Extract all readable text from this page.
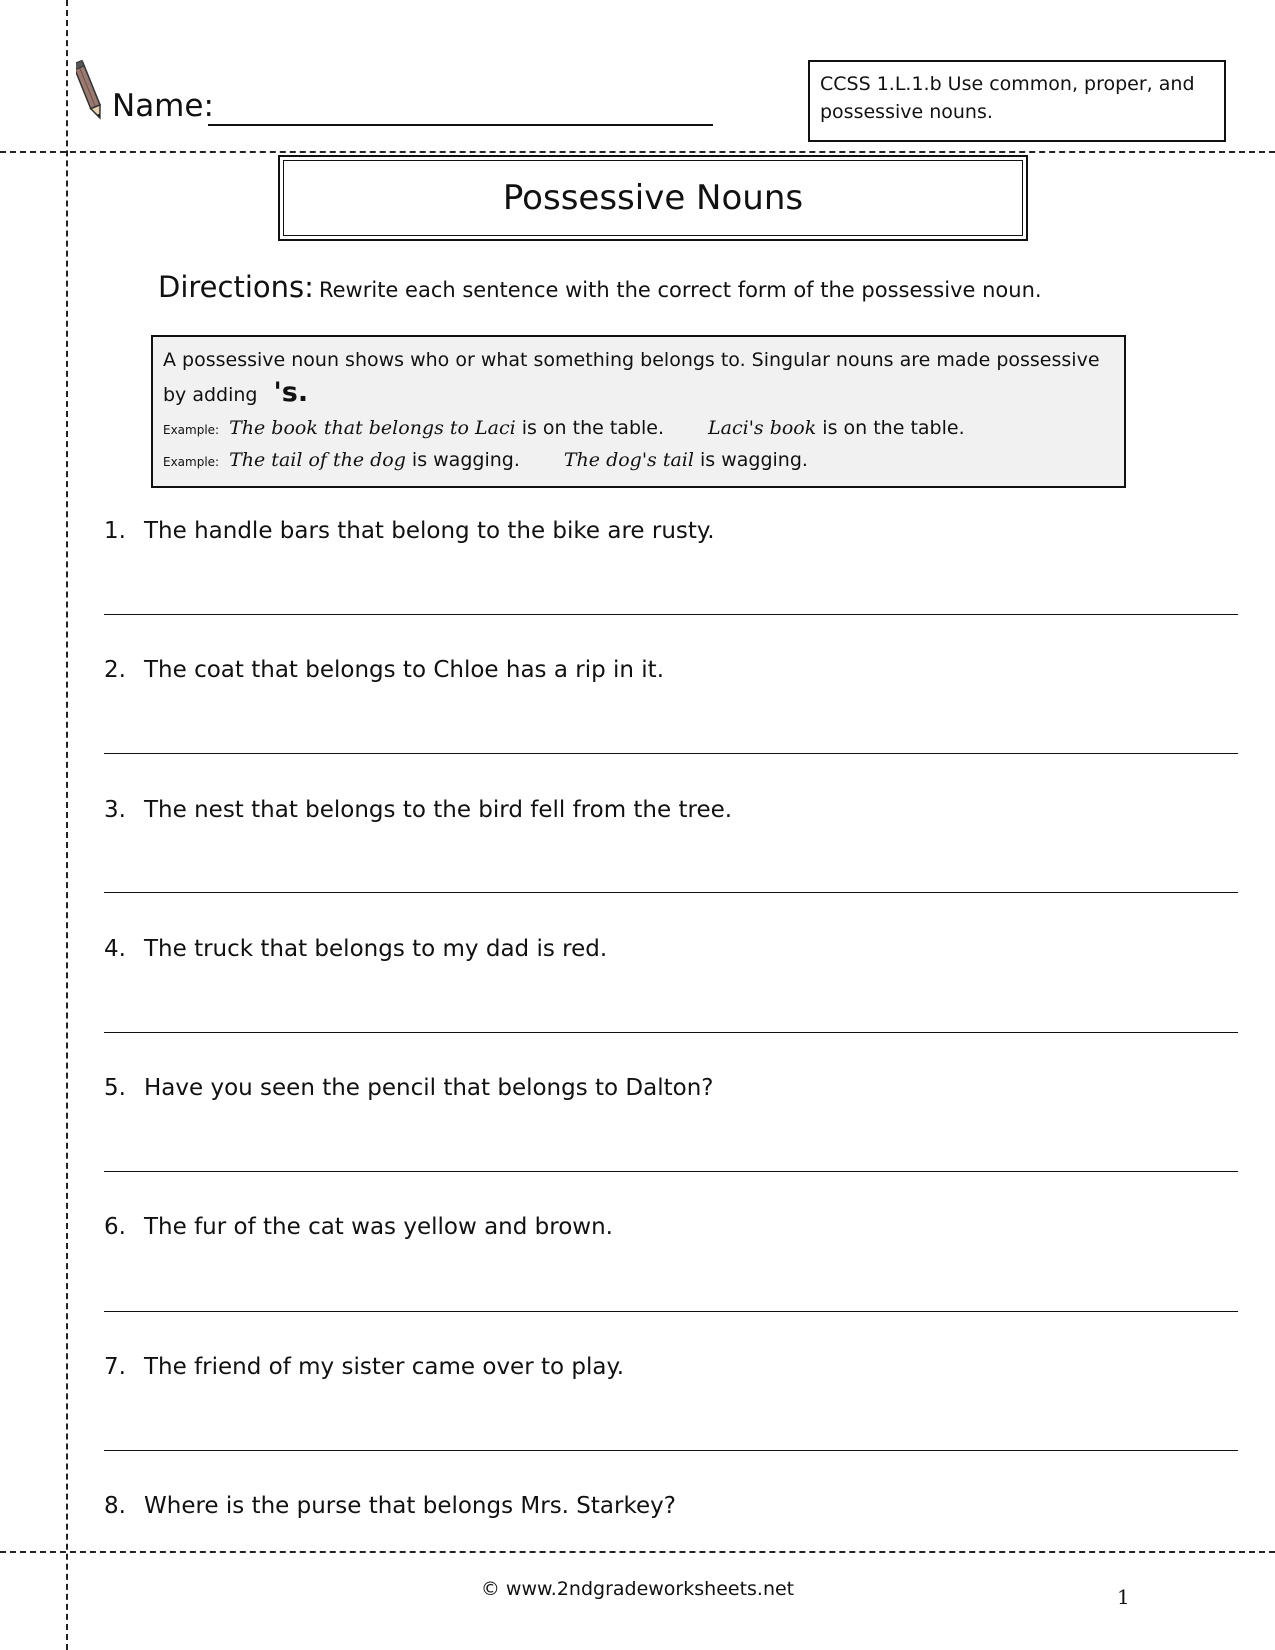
Name:
CCSS 1.L.1.b Use common, proper, and possessive nouns.
Possessive Nouns
Directions: Rewrite each sentence with the correct form of the possessive noun.
A possessive noun shows who or what something belongs to. Singular nouns are made possessive
by adding 's.
Example: The book that belongs to Laci is on the table. Laci's book is on the table.
Example: The tail of the dog is wagging. The dog's tail is wagging.
1. The handle bars that belong to the bike are rusty.
2. The coat that belongs to Chloe has a rip in it.
3. The nest that belongs to the bird fell from the tree.
4. The truck that belongs to my dad is red.
5. Have you seen the pencil that belongs to Dalton?
6. The fur of the cat was yellow and brown.
7. The friend of my sister came over to play.
8. Where is the purse that belongs Mrs. Starkey?
© www.2ndgradeworksheets.net	1
